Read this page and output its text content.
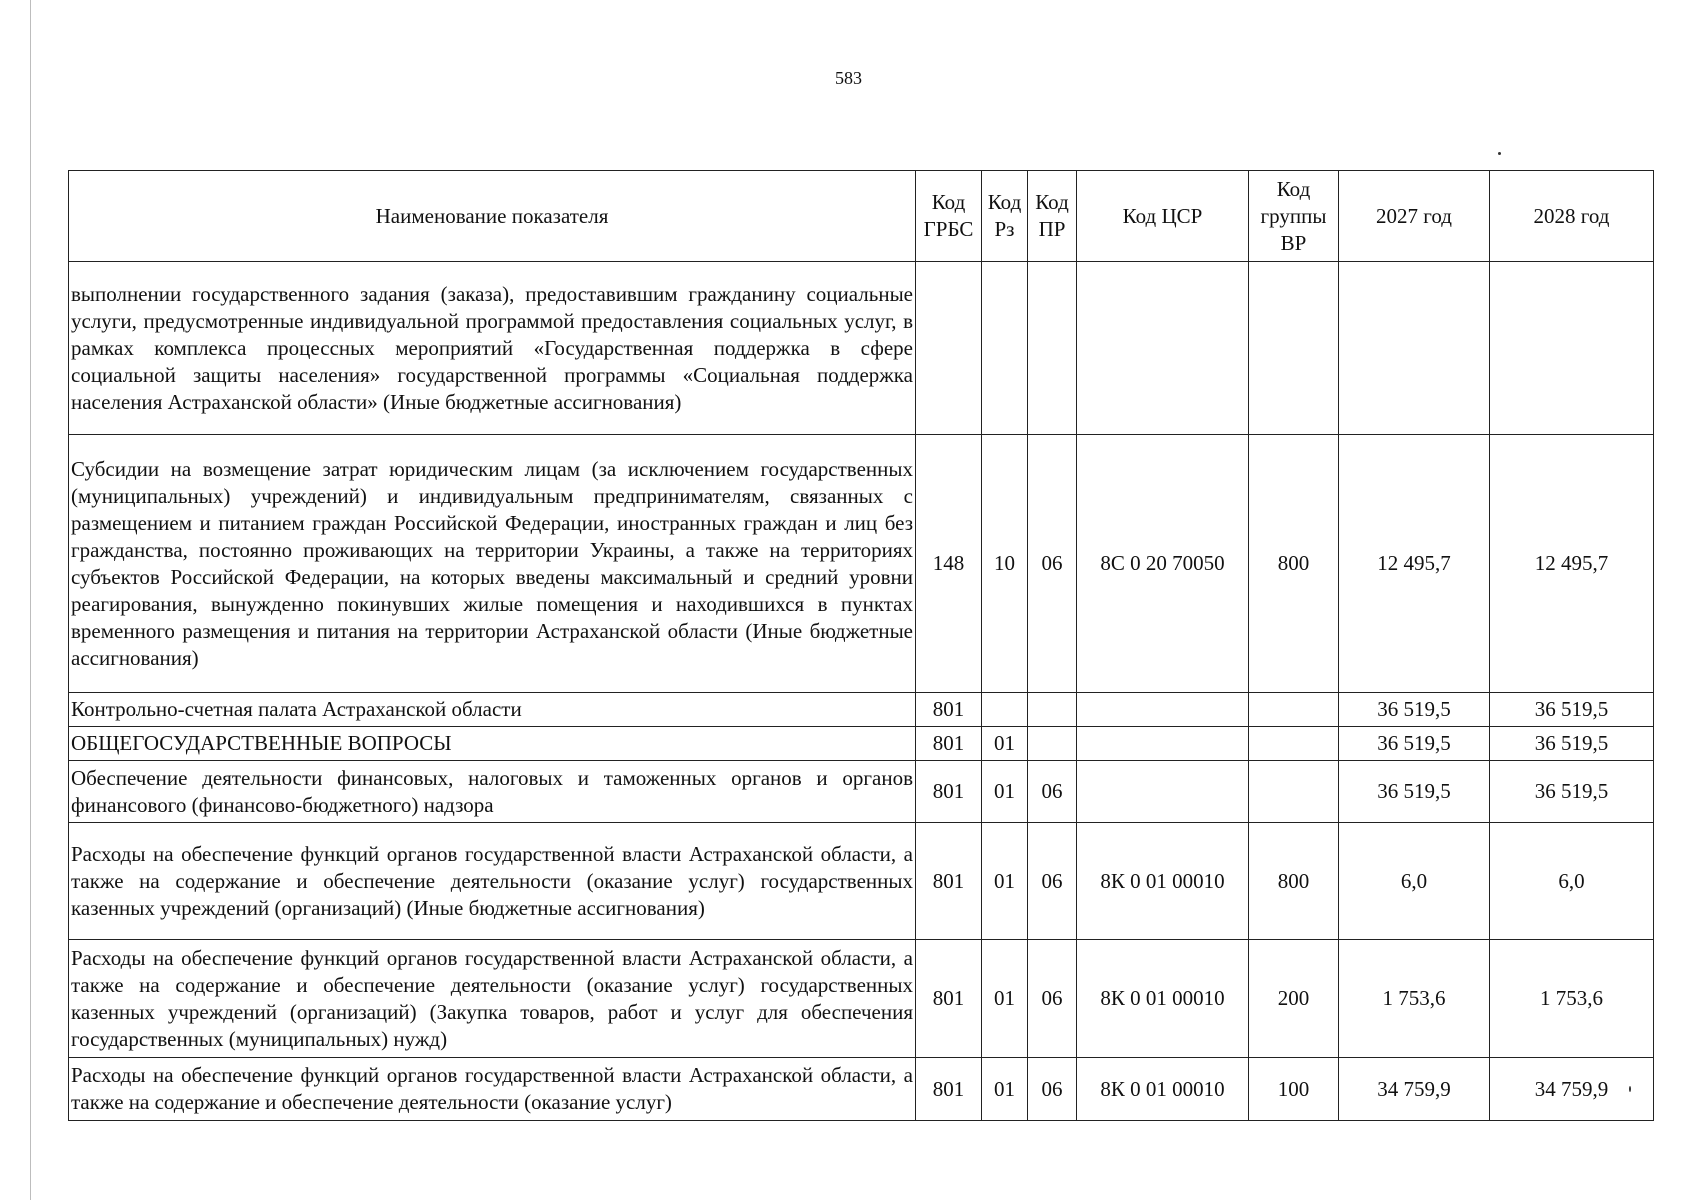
583
Наименование показателя	Код ГРБС	Код Рз	Код ПР	Код ЦСР	Код группы ВР	2027 год	2028 год
выполнении государственного задания (заказа), предоставившим гражданину социальные услуги, предусмотренные индивидуальной программой предоставления социальных услуг, в рамках комплекса процессных мероприятий «Государственная поддержка в сфере социальной защиты населения» государственной программы «Социальная поддержка населения Астраханской области» (Иные бюджетные ассигнования)							
Субсидии на возмещение затрат юридическим лицам (за исключением государственных (муниципальных) учреждений) и индивидуальным предпринимателям, связанных с размещением и питанием граждан Российской Федерации, иностранных граждан и лиц без гражданства, постоянно проживающих на территории Украины, а также на территориях субъектов Российской Федерации, на которых введены максимальный и средний уровни реагирования, вынужденно покинувших жилые помещения и находившихся в пунктах временного размещения и питания на территории Астраханской области (Иные бюджетные ассигнования)	148	10	06	8С 0 20 70050	800	12 495,7	12 495,7
Контрольно-счетная палата Астраханской области	801					36 519,5	36 519,5
ОБЩЕГОСУДАРСТВЕННЫЕ ВОПРОСЫ	801	01				36 519,5	36 519,5
Обеспечение деятельности финансовых, налоговых и таможенных органов и органов финансового (финансово-бюджетного) надзора	801	01	06			36 519,5	36 519,5
Расходы на обеспечение функций органов государственной власти Астраханской области, а также на содержание и обеспечение деятельности (оказание услуг) государственных казенных учреждений (организаций) (Иные бюджетные ассигнования)	801	01	06	8К 0 01 00010	800	6,0	6,0
Расходы на обеспечение функций органов государственной власти Астраханской области, а также на содержание и обеспечение деятельности (оказание услуг) государственных казенных учреждений (организаций) (Закупка товаров, работ и услуг для обеспечения государственных (муниципальных) нужд)	801	01	06	8К 0 01 00010	200	1 753,6	1 753,6
Расходы на обеспечение функций органов государственной власти Астраханской области, а также на содержание и обеспечение деятельности (оказание услуг)	801	01	06	8К 0 01 00010	100	34 759,9	34 759,9
